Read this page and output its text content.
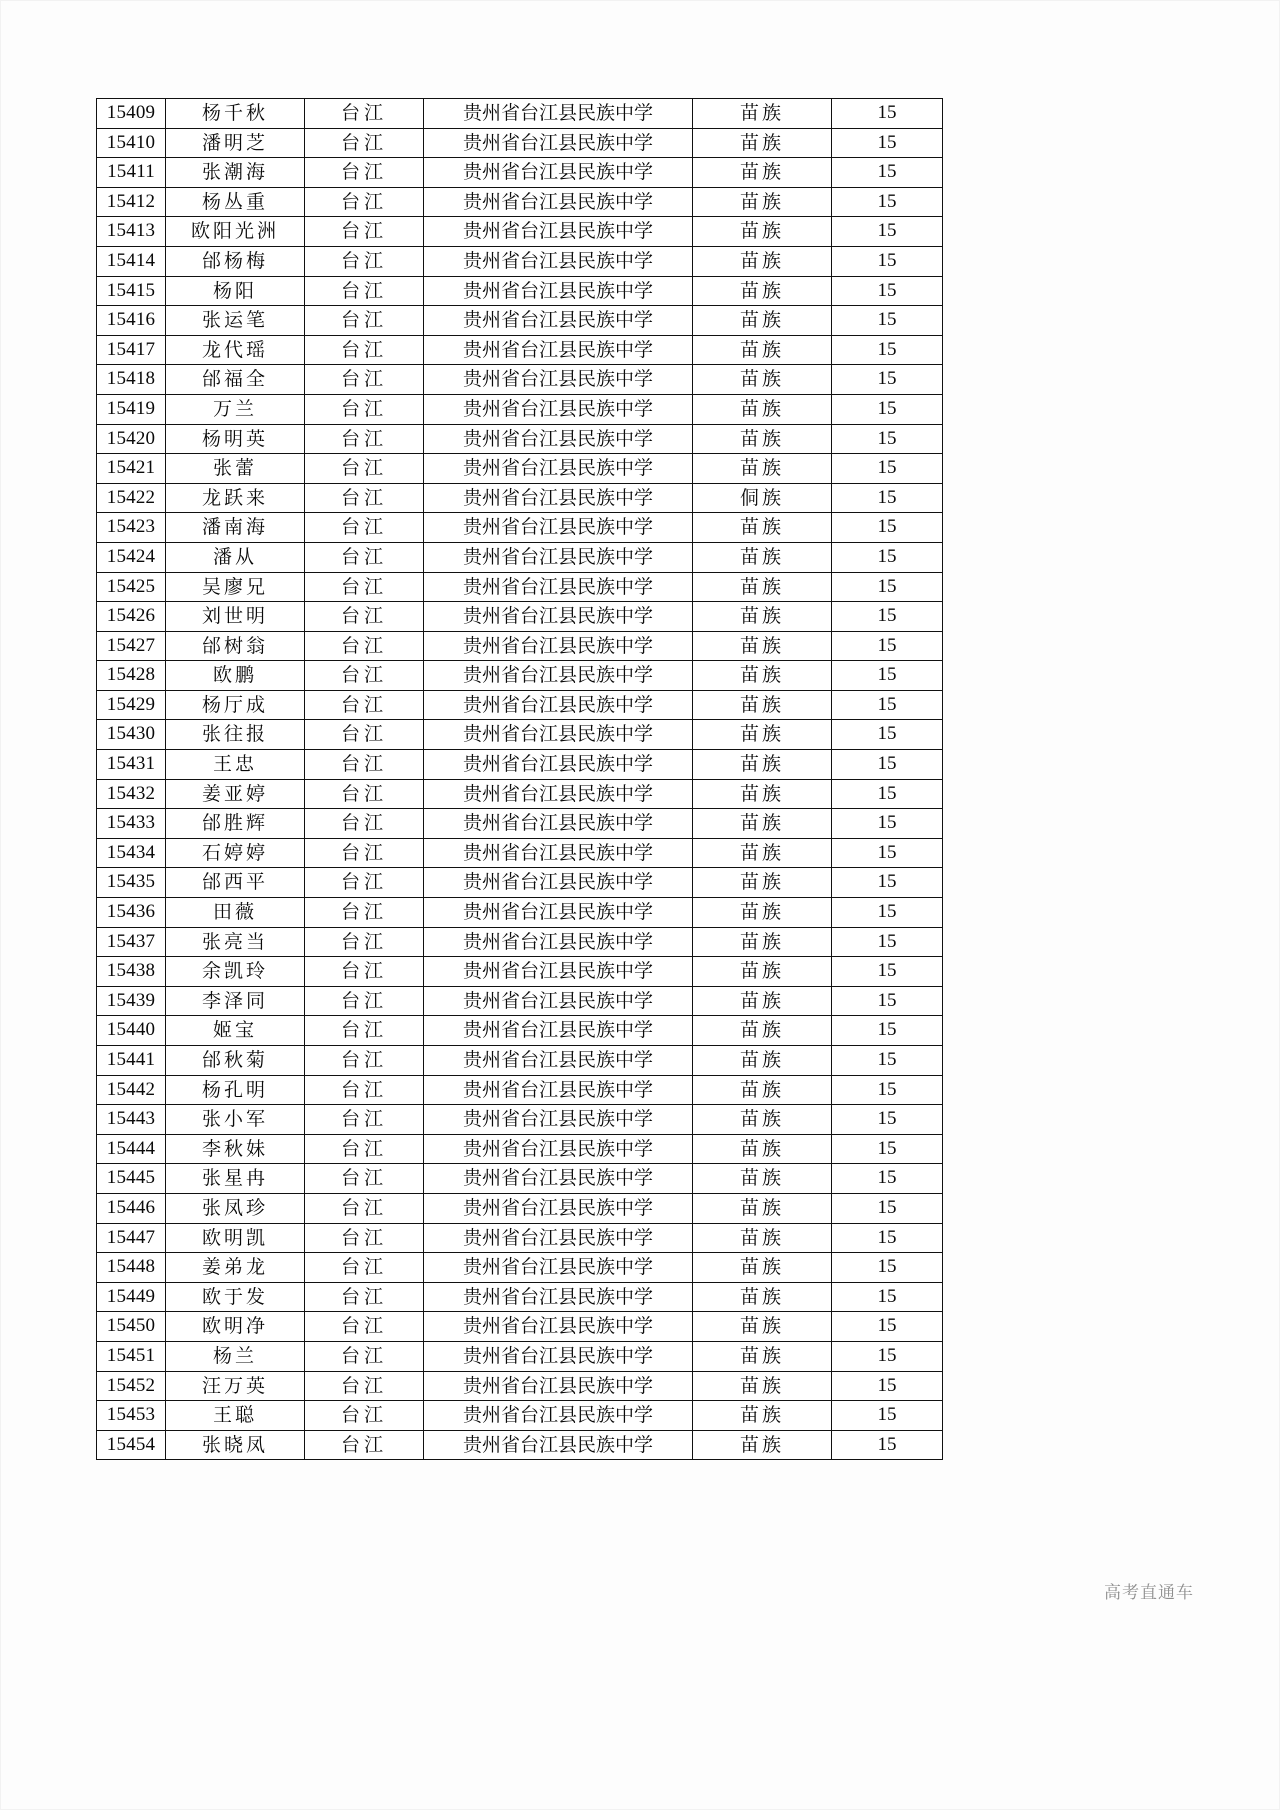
15409	杨千秋	台江	贵州省台江县民族中学	苗族	15
15410	潘明芝	台江	贵州省台江县民族中学	苗族	15
15411	张潮海	台江	贵州省台江县民族中学	苗族	15
15412	杨丛重	台江	贵州省台江县民族中学	苗族	15
15413	欧阳光洲	台江	贵州省台江县民族中学	苗族	15
15414	邰杨梅	台江	贵州省台江县民族中学	苗族	15
15415	杨阳	台江	贵州省台江县民族中学	苗族	15
15416	张运笔	台江	贵州省台江县民族中学	苗族	15
15417	龙代瑶	台江	贵州省台江县民族中学	苗族	15
15418	邰福全	台江	贵州省台江县民族中学	苗族	15
15419	万兰	台江	贵州省台江县民族中学	苗族	15
15420	杨明英	台江	贵州省台江县民族中学	苗族	15
15421	张蕾	台江	贵州省台江县民族中学	苗族	15
15422	龙跃来	台江	贵州省台江县民族中学	侗族	15
15423	潘南海	台江	贵州省台江县民族中学	苗族	15
15424	潘从	台江	贵州省台江县民族中学	苗族	15
15425	吴廖兄	台江	贵州省台江县民族中学	苗族	15
15426	刘世明	台江	贵州省台江县民族中学	苗族	15
15427	邰树翁	台江	贵州省台江县民族中学	苗族	15
15428	欧鹏	台江	贵州省台江县民族中学	苗族	15
15429	杨厅成	台江	贵州省台江县民族中学	苗族	15
15430	张往报	台江	贵州省台江县民族中学	苗族	15
15431	王忠	台江	贵州省台江县民族中学	苗族	15
15432	姜亚婷	台江	贵州省台江县民族中学	苗族	15
15433	邰胜辉	台江	贵州省台江县民族中学	苗族	15
15434	石婷婷	台江	贵州省台江县民族中学	苗族	15
15435	邰西平	台江	贵州省台江县民族中学	苗族	15
15436	田薇	台江	贵州省台江县民族中学	苗族	15
15437	张亮当	台江	贵州省台江县民族中学	苗族	15
15438	余凯玲	台江	贵州省台江县民族中学	苗族	15
15439	李泽同	台江	贵州省台江县民族中学	苗族	15
15440	姬宝	台江	贵州省台江县民族中学	苗族	15
15441	邰秋菊	台江	贵州省台江县民族中学	苗族	15
15442	杨孔明	台江	贵州省台江县民族中学	苗族	15
15443	张小军	台江	贵州省台江县民族中学	苗族	15
15444	李秋妹	台江	贵州省台江县民族中学	苗族	15
15445	张星冉	台江	贵州省台江县民族中学	苗族	15
15446	张凤珍	台江	贵州省台江县民族中学	苗族	15
15447	欧明凯	台江	贵州省台江县民族中学	苗族	15
15448	姜弟龙	台江	贵州省台江县民族中学	苗族	15
15449	欧于发	台江	贵州省台江县民族中学	苗族	15
15450	欧明净	台江	贵州省台江县民族中学	苗族	15
15451	杨兰	台江	贵州省台江县民族中学	苗族	15
15452	汪万英	台江	贵州省台江县民族中学	苗族	15
15453	王聪	台江	贵州省台江县民族中学	苗族	15
15454	张晓凤	台江	贵州省台江县民族中学	苗族	15
高考直通车
